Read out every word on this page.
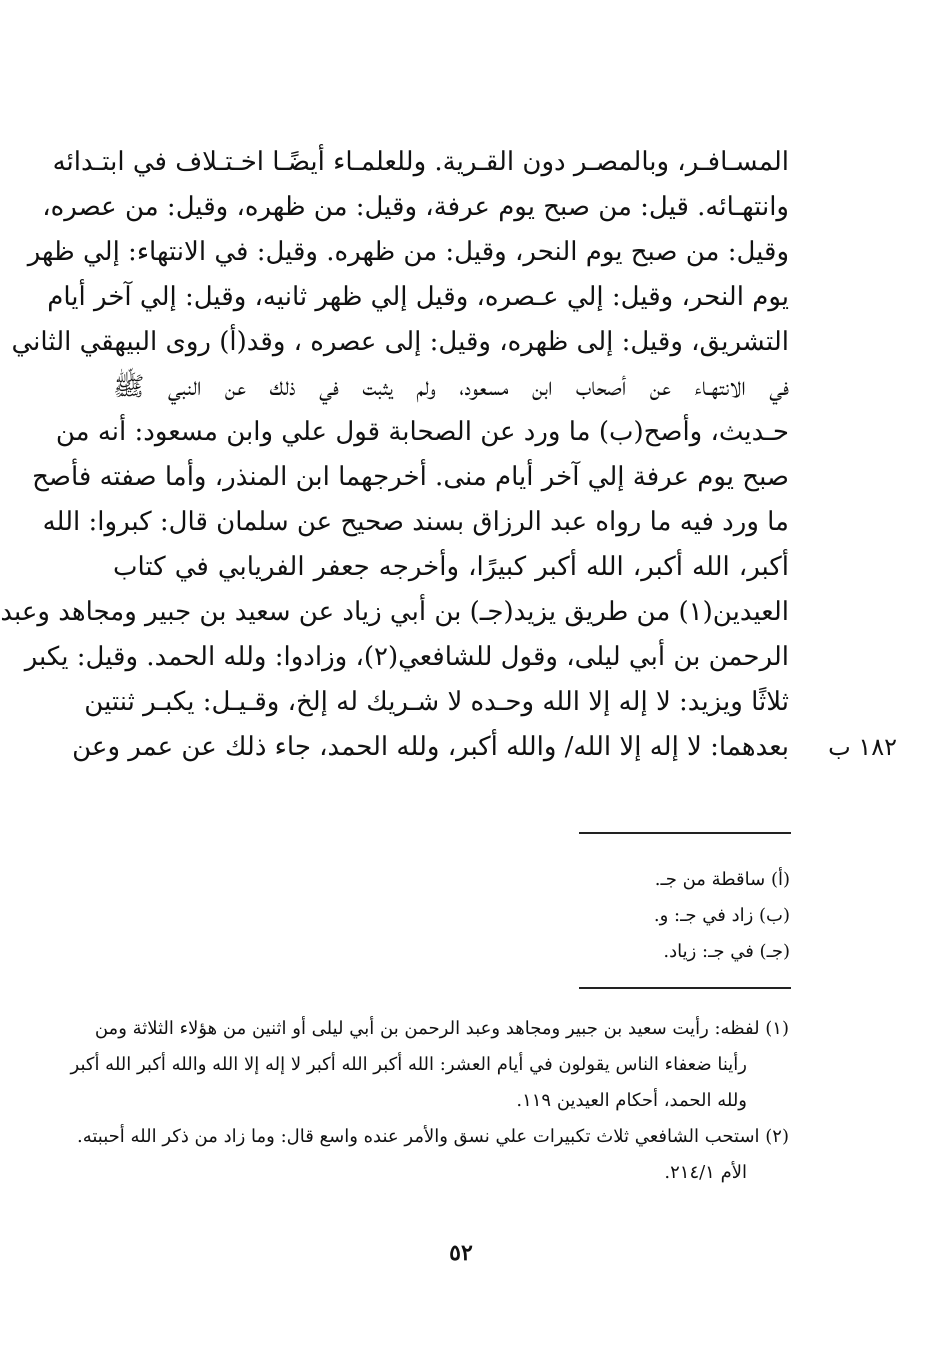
المسـافـر، وبالمصـر دون القـرية. وللعلمـاء أيضًـا اخـتـلاف في ابتـدائه
وانتهـائه. قيل: من صبح يوم عرفة، وقيل: من ظهره، وقيل: من عصره،
وقيل: من صبح يوم النحر، وقيل: من ظهره. وقيل: في الانتهاء: إلي ظهر
يوم النحر، وقيل: إلي عـصره، وقيل إلي ظهر ثانيه، وقيل: إلي آخر أيام
التشريق، وقيل: إلى ظهره، وقيل: إلى عصره ، وقد(أ) روى البيهقي الثاني
في الانتهـاء عن أصحاب ابن مسعود، ولم يثبت في ذلك عن النبي ﷺ
حـديث، وأصح(ب) ما ورد عن الصحابة قول علي وابن مسعود: أنه من
صبح يوم عرفة إلي آخر أيام منى. أخرجهما ابن المنذر، وأما صفته فأصح
ما ورد فيه ما رواه عبد الرزاق بسند صحيح عن سلمان قال: كبروا: الله
أكبر، الله أكبر، الله أكبر كبيرًا، وأخرجه جعفر الفريابي في كتاب
العيدين(١) من طريق يزيد(جـ) بن أبي زياد عن سعيد بن جبير ومجاهد وعبد
الرحمن بن أبي ليلى، وقول للشافعي(٢)، وزادوا: ولله الحمد. وقيل: يكبر
ثلاثًا ويزيد: لا إله إلا الله وحـده لا شـريك له إلخ، وقـيـل: يكبـر ثنتين
بعدهما: لا إله إلا الله/ والله أكبر، ولله الحمد، جاء ذلك عن عمر وعن	١٨٢ ب
(أ) ساقطة من جـ.
(ب) زاد في جـ: و.
(جـ) في جـ: زياد.
(١) لفظه: رأيت سعيد بن جبير ومجاهد وعبد الرحمن بن أبي ليلى أو اثنين من هؤلاء الثلاثة ومن
رأينا ضعفاء الناس يقولون في أيام العشر: الله أكبر الله أكبر لا إله إلا الله والله أكبر الله أكبر
ولله الحمد، أحكام العيدين ١١٩.
(٢) استحب الشافعي ثلاث تكبيرات علي نسق والأمر عنده واسع قال: وما زاد من ذكر الله أحببته.
الأم ٢١٤/١.
٥٢
